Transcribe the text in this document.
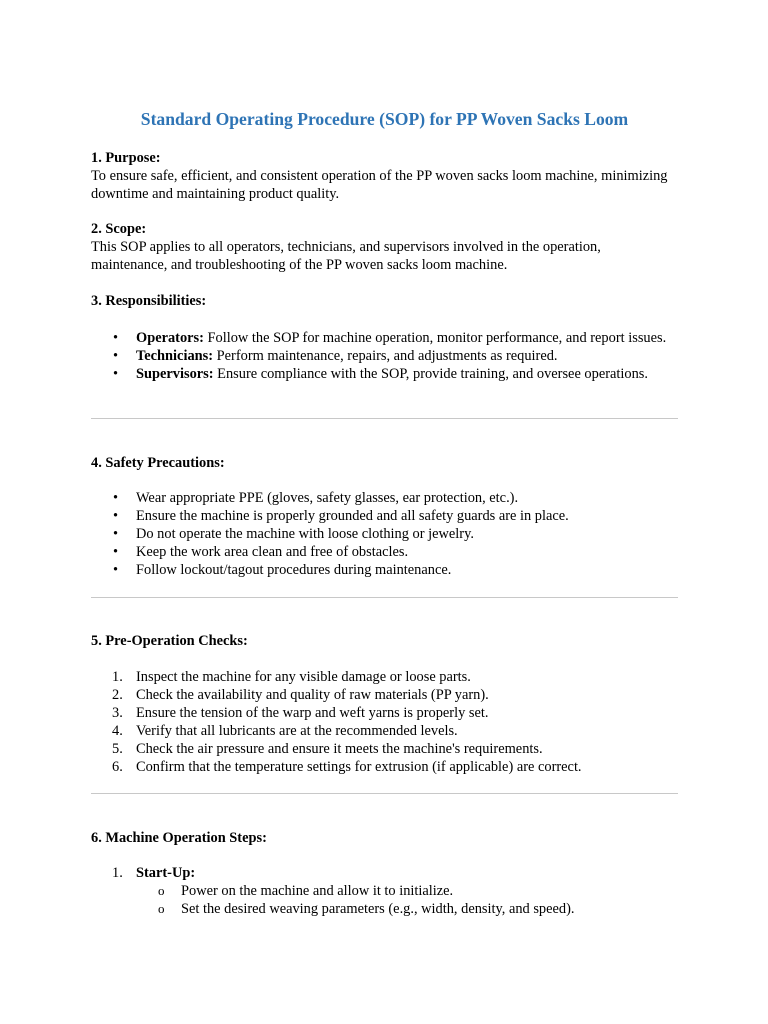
Standard Operating Procedure (SOP) for PP Woven Sacks Loom
1. Purpose:
To ensure safe, efficient, and consistent operation of the PP woven sacks loom machine, minimizing downtime and maintaining product quality.
2. Scope:
This SOP applies to all operators, technicians, and supervisors involved in the operation, maintenance, and troubleshooting of the PP woven sacks loom machine.
3. Responsibilities:
• Operators: Follow the SOP for machine operation, monitor performance, and report issues.
• Technicians: Perform maintenance, repairs, and adjustments as required.
• Supervisors: Ensure compliance with the SOP, provide training, and oversee operations.
4. Safety Precautions:
• Wear appropriate PPE (gloves, safety glasses, ear protection, etc.).
• Ensure the machine is properly grounded and all safety guards are in place.
• Do not operate the machine with loose clothing or jewelry.
• Keep the work area clean and free of obstacles.
• Follow lockout/tagout procedures during maintenance.
5. Pre-Operation Checks:
1. Inspect the machine for any visible damage or loose parts.
2. Check the availability and quality of raw materials (PP yarn).
3. Ensure the tension of the warp and weft yarns is properly set.
4. Verify that all lubricants are at the recommended levels.
5. Check the air pressure and ensure it meets the machine's requirements.
6. Confirm that the temperature settings for extrusion (if applicable) are correct.
6. Machine Operation Steps:
1. Start-Up:
o Power on the machine and allow it to initialize.
o Set the desired weaving parameters (e.g., width, density, and speed).
